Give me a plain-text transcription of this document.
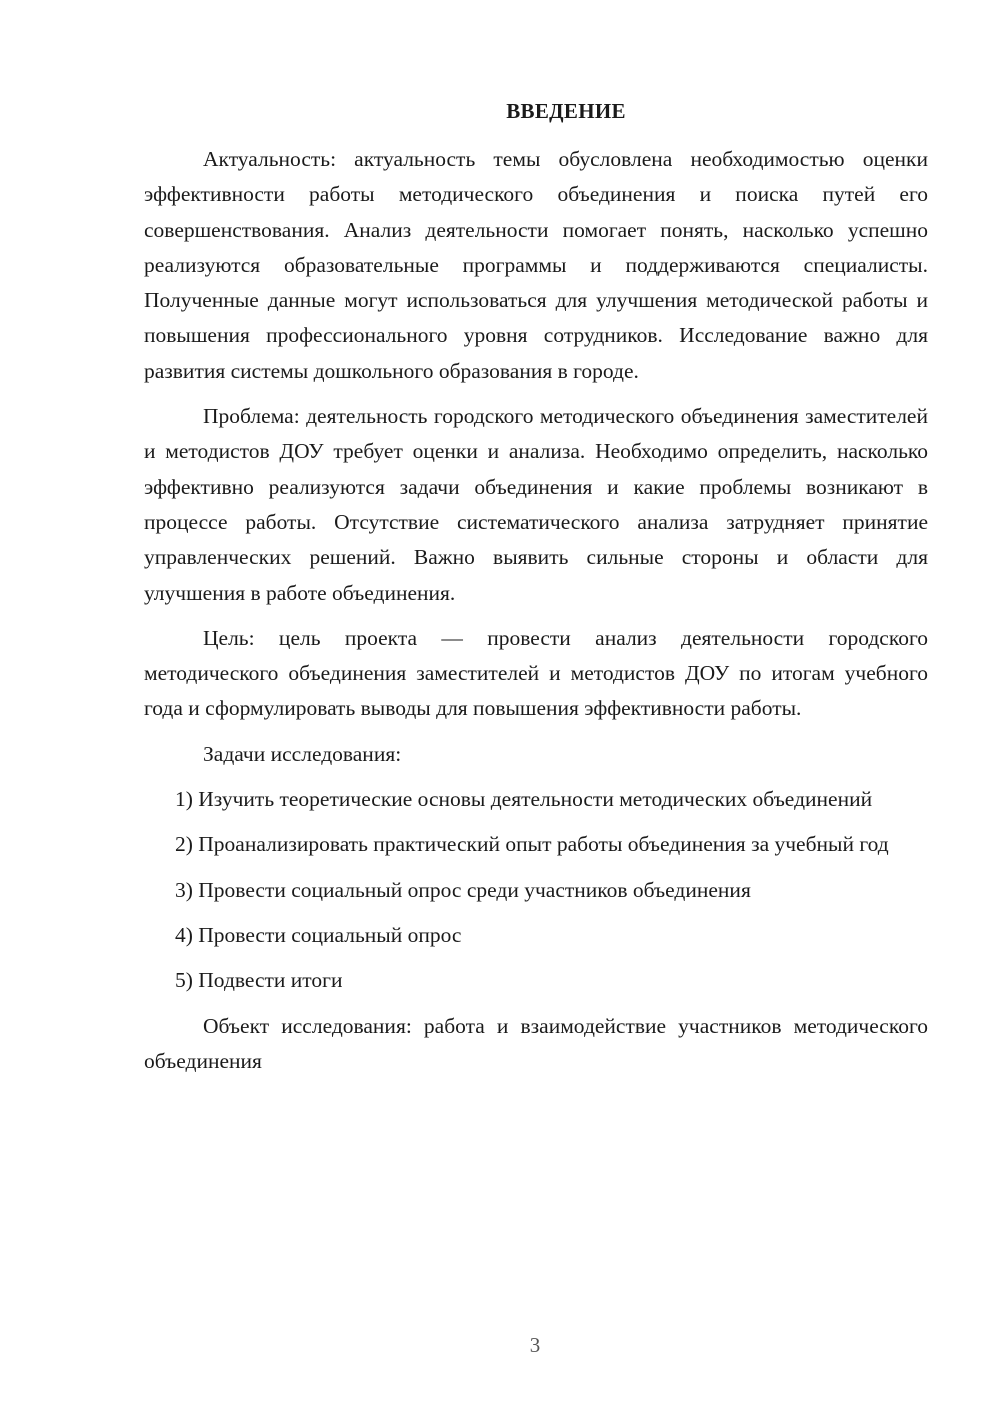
ВВЕДЕНИЕ

Актуальность: актуальность темы обусловлена необходимостью оценки эффективности работы методического объединения и поиска путей его совершенствования. Анализ деятельности помогает понять, насколько успешно реализуются образовательные программы и поддерживаются специалисты. Полученные данные могут использоваться для улучшения методической работы и повышения профессионального уровня сотрудников. Исследование важно для развития системы дошкольного образования в городе.

Проблема: деятельность городского методического объединения заместителей и методистов ДОУ требует оценки и анализа. Необходимо определить, насколько эффективно реализуются задачи объединения и какие проблемы возникают в процессе работы. Отсутствие систематического анализа затрудняет принятие управленческих решений. Важно выявить сильные стороны и области для улучшения в работе объединения.

Цель: цель проекта — провести анализ деятельности городского методического объединения заместителей и методистов ДОУ по итогам учебного года и сформулировать выводы для повышения эффективности работы.

Задачи исследования:

1) Изучить теоретические основы деятельности методических объединений

2) Проанализировать практический опыт работы объединения за учебный год

3) Провести социальный опрос среди участников объединения

4) Провести социальный опрос

5) Подвести итоги

Объект исследования: работа и взаимодействие участников методического объединения

3
